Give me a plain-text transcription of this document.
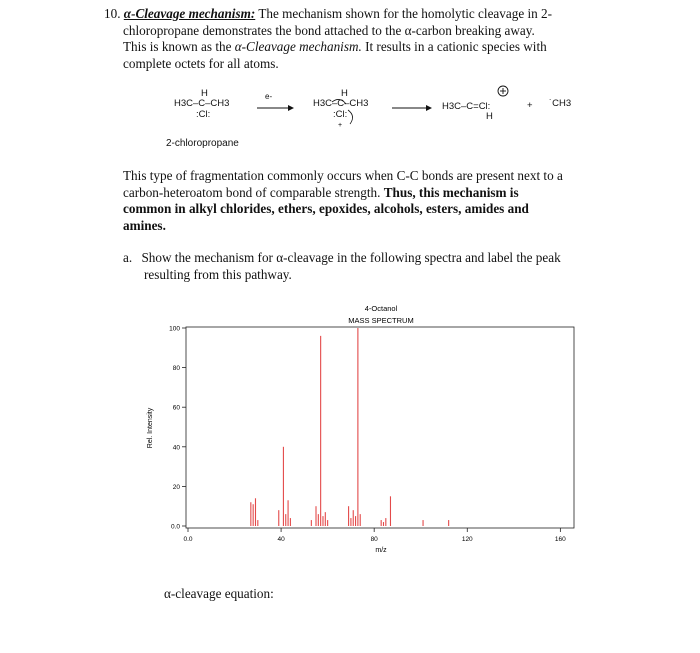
10. α-Cleavage mechanism: The mechanism shown for the homolytic cleavage in 2-
chloropropane demonstrates the bond attached to the α-carbon breaking away.
This is known as the α-Cleavage mechanism. It results in a cationic species with
complete octets for all atoms.
H
H3C–C–CH3
:Cl:
2-chloropropane
e-	H
H3C–C–CH3
:Cl:
+
H3C–C=Cl:
H
+ ˙CH3
This type of fragmentation commonly occurs when C-C bonds are present next to a
carbon-heteroatom bond of comparable strength. Thus, this mechanism is
common in alkyl chlorides, ethers, epoxides, alcohols, esters, amides and
amines.
a. Show the mechanism for α-cleavage in the following spectra and label the peak
resulting from this pathway.
4-Octanol
MASS SPECTRUM
0.0
20
40
60
80
100
0.0	40	80	120	160
m/z
Rel. Intensity
α-cleavage equation:
